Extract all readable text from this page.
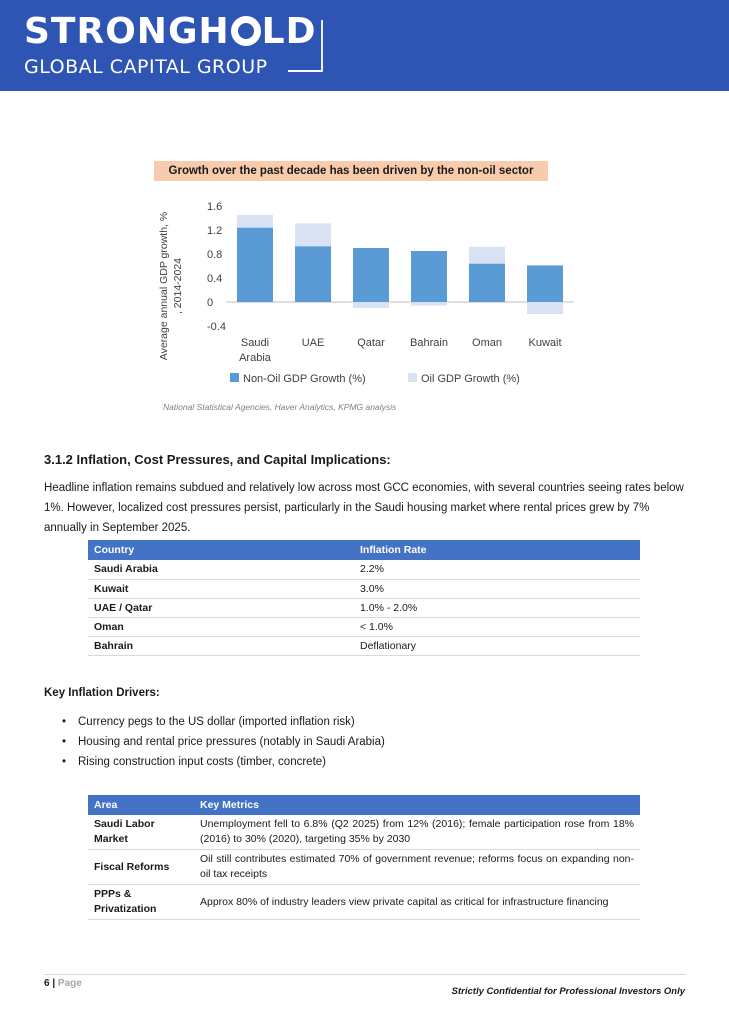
STRONGH LD
GLOBAL CAPITAL GROUP
Growth over the past decade has been driven by the non-oil sector
1.6
1.2
0.8
0.4
0
-0.4
Saudi
Arabia
UAE	Qatar Bahrain Oman Kuwait
Average annual GDP growth, % , 2014-2024
Non-Oil GDP Growth (%)	Oil GDP Growth (%)
National Statistical Agencies, Haver Analytics, KPMG analysis
3.1.2 Inflation, Cost Pressures, and Capital Implications:
Headline inflation remains subdued and relatively low across most GCC economies, with several countries seeing rates below 1%. However, localized cost pressures persist, particularly in the Saudi housing market where rental prices grew by 7% annually in September 2025.
Country	Inflation Rate
Saudi Arabia	2.2%
Kuwait	3.0%
UAE / Qatar	1.0% - 2.0%
Oman	< 1.0%
Bahrain	Deflationary
Key Inflation Drivers:
• Currency pegs to the US dollar (imported inflation risk)
• Housing and rental price pressures (notably in Saudi Arabia)
• Rising construction input costs (timber, concrete)
Area	Key Metrics
Saudi Labor Market	Unemployment fell to 6.8% (Q2 2025) from 12% (2016); female participation rose from 18% (2016) to 30% (2020), targeting 35% by 2030
Fiscal Reforms	Oil still contributes estimated 70% of government revenue; reforms focus on expanding non-oil tax receipts
PPPs & Privatization	Approx 80% of industry leaders view private capital as critical for infrastructure financing
6 | Page
Strictly Confidential for Professional Investors Only
